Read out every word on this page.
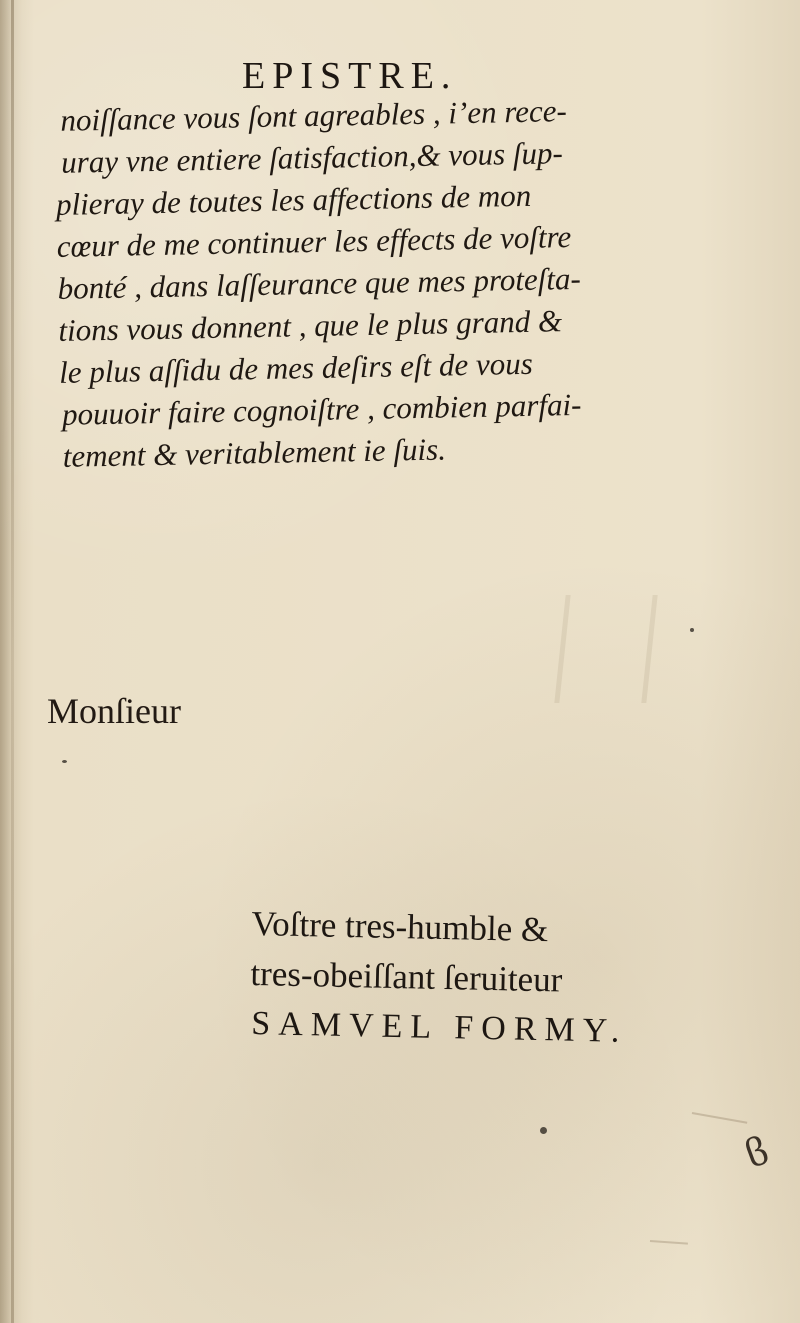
EPISTRE.
noiſſance vous ſont agreables , i’en rece-
uray vne entiere ſatisfaction,& vous ſup-
plieray de toutes les affections de mon
cœur de me continuer les effects de voſtre
bonté , dans laſſeurance que mes proteſta-
tions vous donnent , que le plus grand &
le plus aſſidu de mes deſirs eſt de vous
pouuoir faire cognoiſtre , combien parfai-
tement & veritablement ie ſuis.
Monſieur
Voſtre tres-humble &
tres-obeiſſant ſeruiteur
SAMVEL FORMY.
ϐ
